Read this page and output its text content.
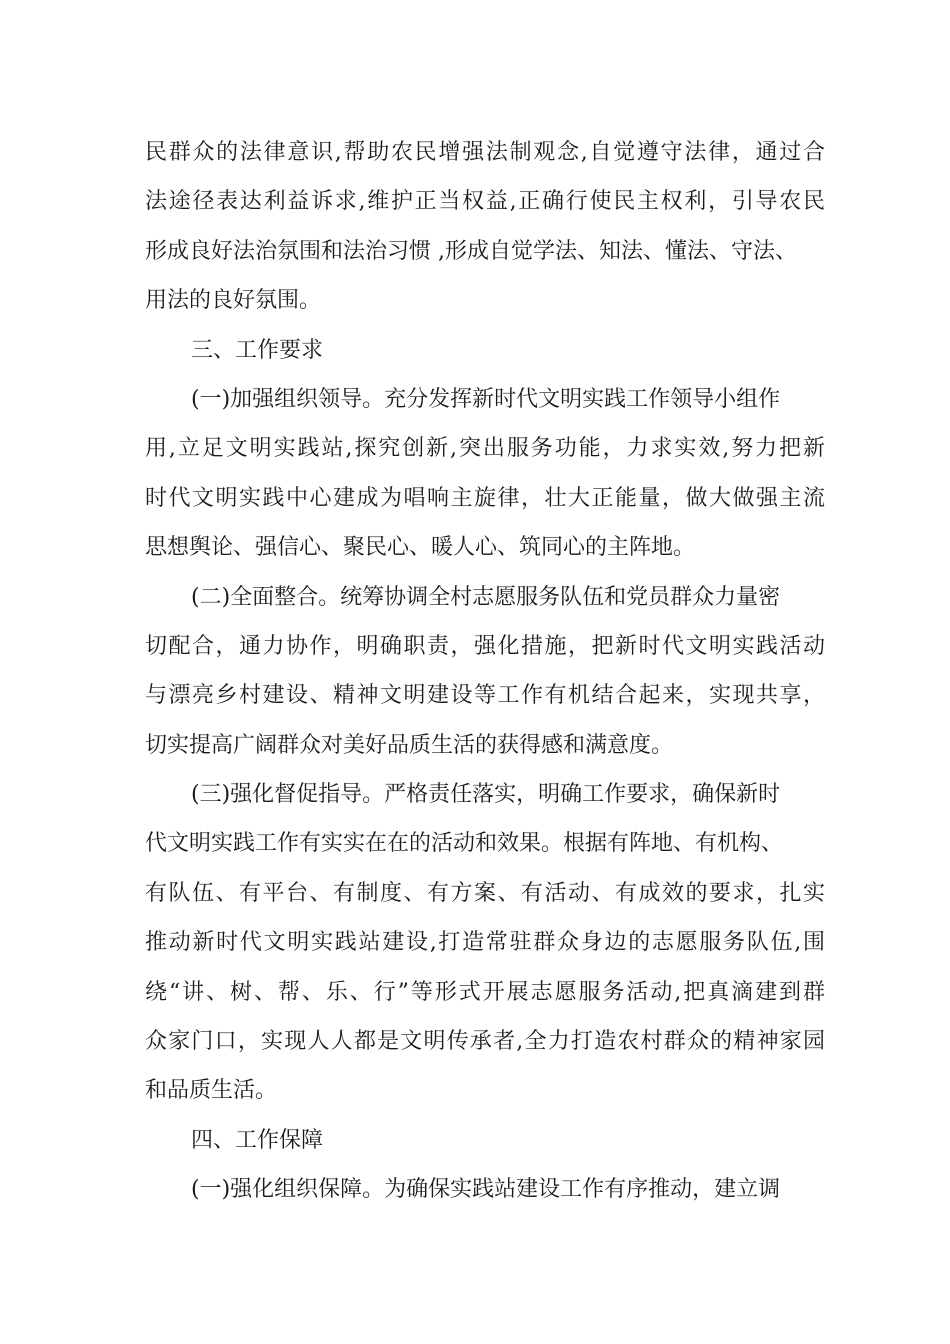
民群众的法律意识,帮助农民增强法制观念,自觉遵守法律，通过合
法途径表达利益诉求,维护正当权益,正确行使民主权利，引导农民
形成良好法治氛围和法治习惯 ,形成自觉学法、知法、懂法、守法、
用法的良好氛围。
三、工作要求
(一)加强组织领导。充分发挥新时代文明实践工作领导小组作
用,立足文明实践站,探究创新,突出服务功能，力求实效,努力把新
时代文明实践中心建成为唱响主旋律，壮大正能量，做大做强主流
思想舆论、强信心、聚民心、暖人心、筑同心的主阵地。
(二)全面整合。统筹协调全村志愿服务队伍和党员群众力量密
切配合，通力协作，明确职责，强化措施，把新时代文明实践活动
与漂亮乡村建设、精神文明建设等工作有机结合起来，实现共享，
切实提高广阔群众对美好品质生活的获得感和满意度。
(三)强化督促指导。严格责任落实，明确工作要求，确保新时
代文明实践工作有实实在在的活动和效果。根据有阵地、有机构、
有队伍、有平台、有制度、有方案、有活动、有成效的要求，扎实
推动新时代文明实践站建设,打造常驻群众身边的志愿服务队伍,围
绕“讲、树、帮、乐、行”等形式开展志愿服务活动,把真滴建到群
众家门口，实现人人都是文明传承者,全力打造农村群众的精神家园
和品质生活。
四、工作保障
(一)强化组织保障。为确保实践站建设工作有序推动，建立调
